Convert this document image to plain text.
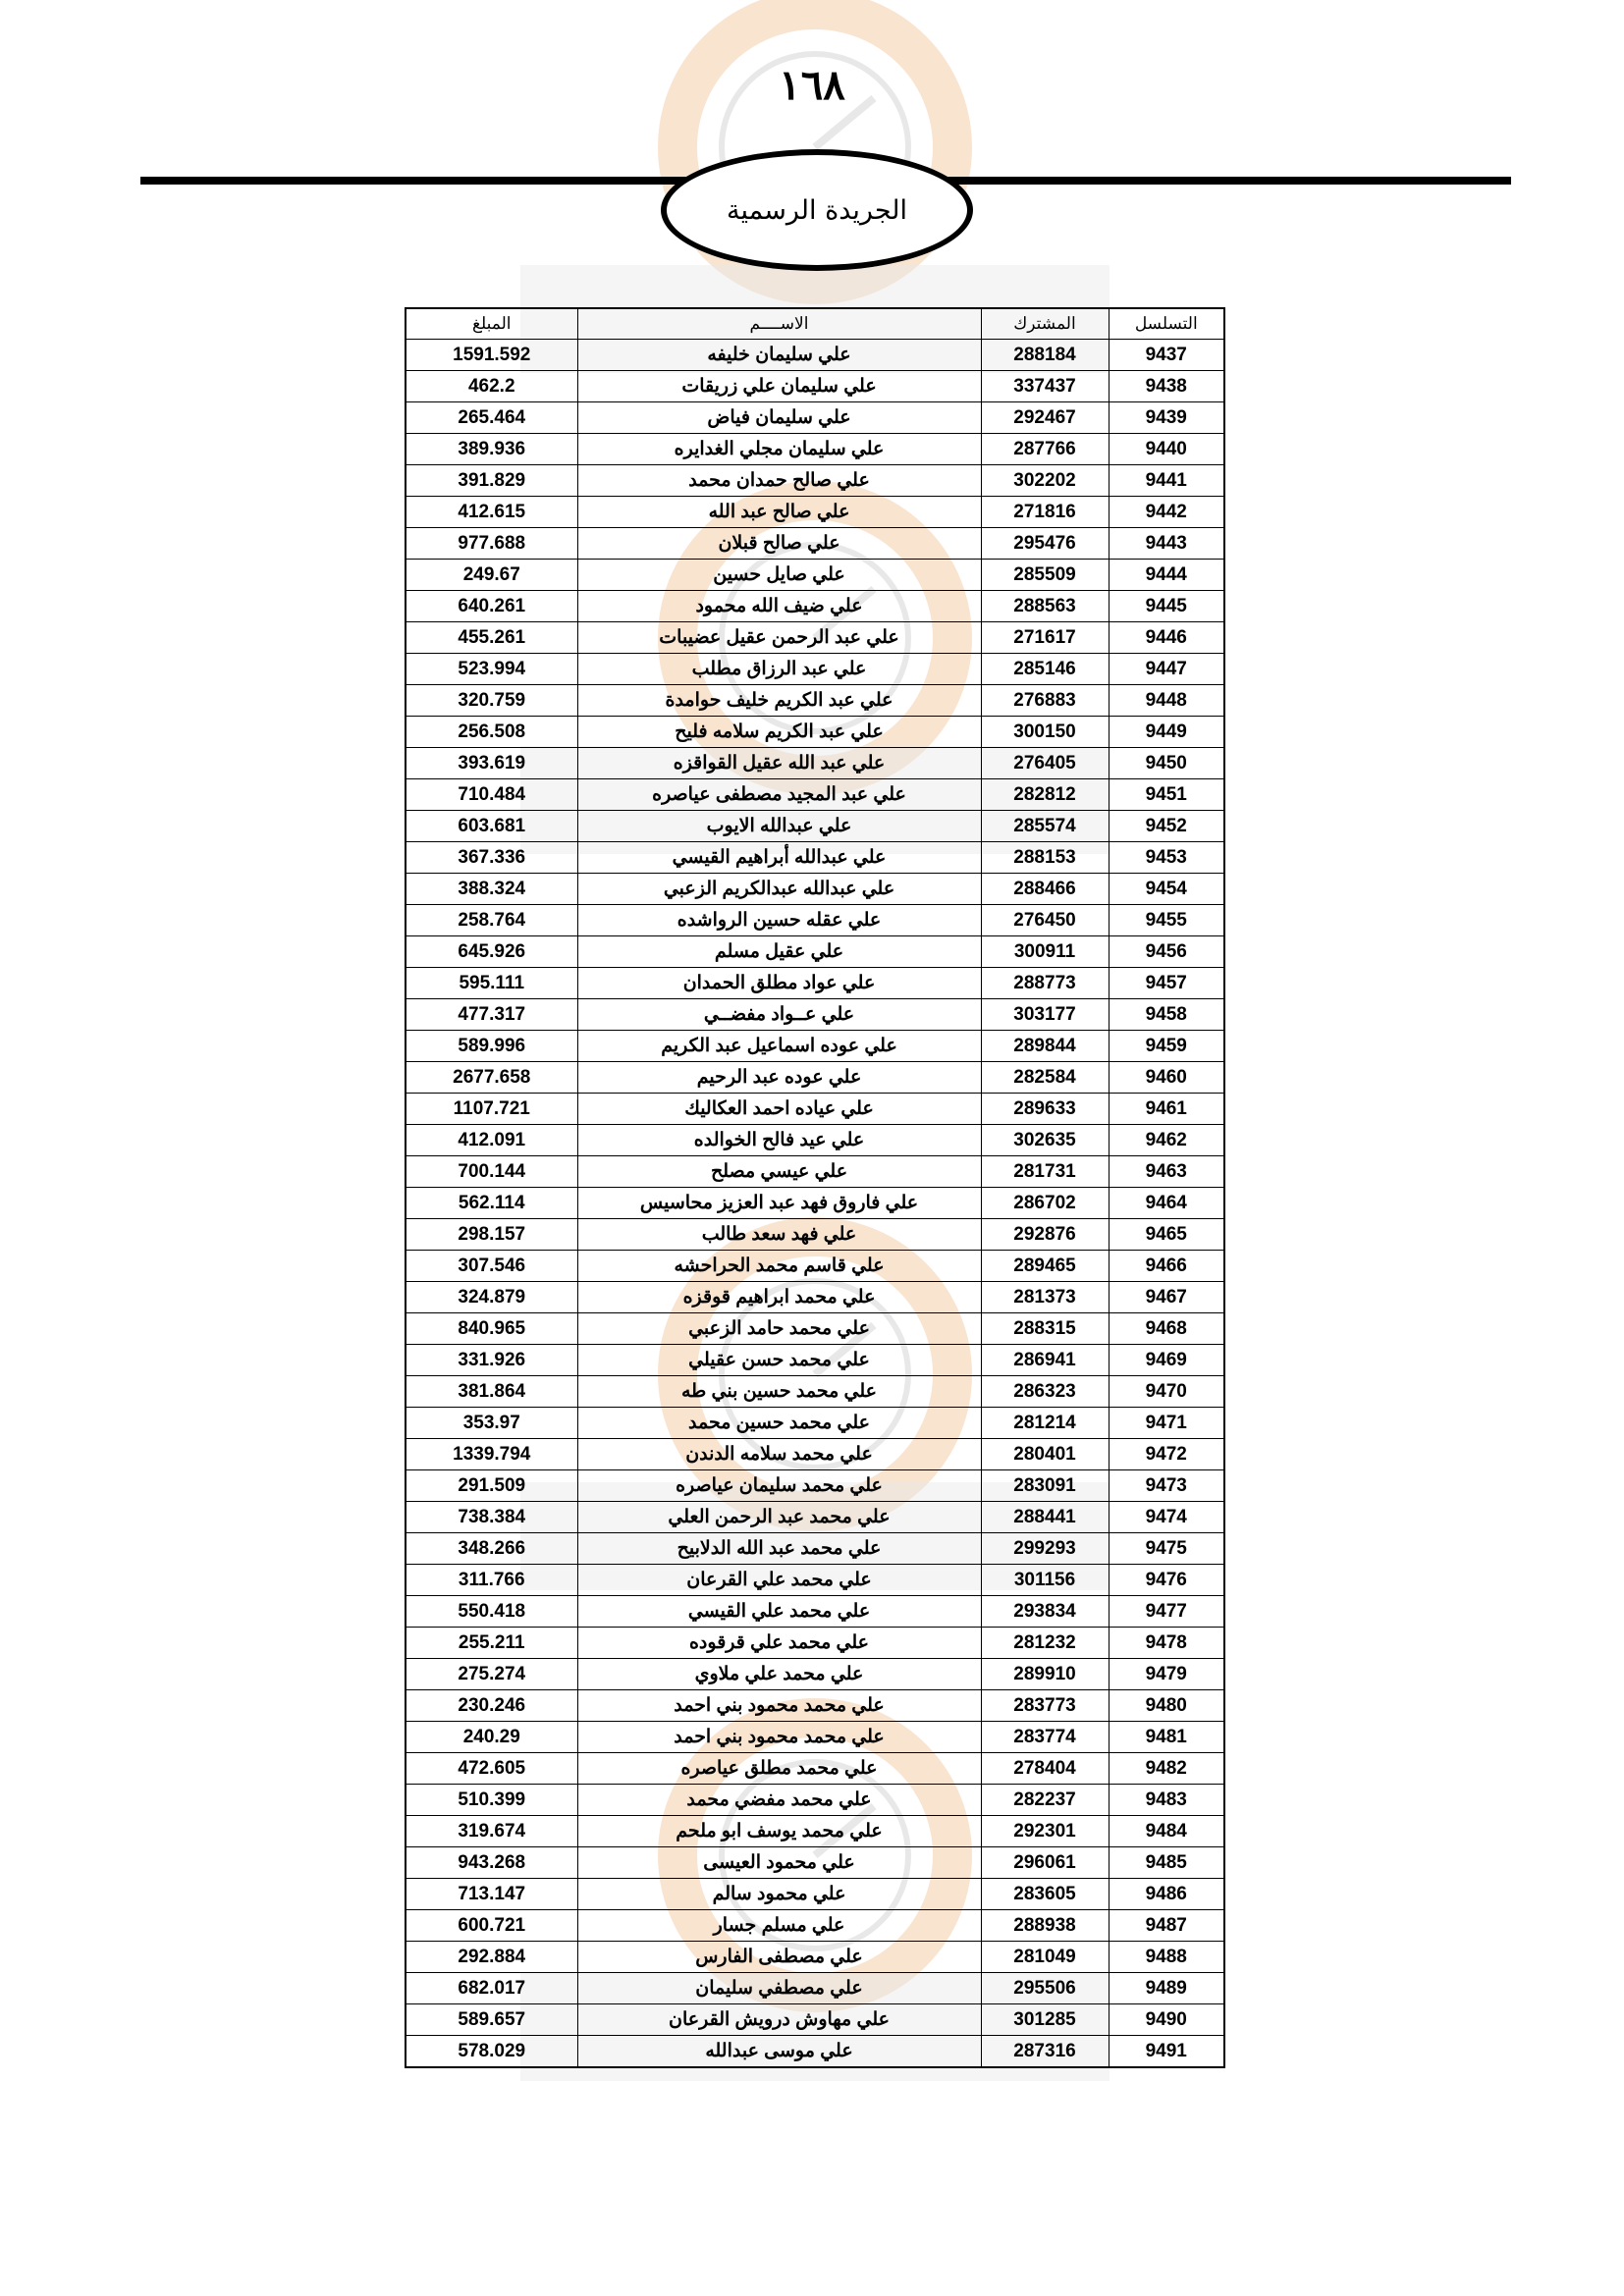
١٦٨
الجريدة الرسمية
التسلسل	المشترك	الاســــم	المبلغ
9437	288184	علي سليمان خليفه	1591.592
9438	337437	علي سليمان علي زريقات	462.2
9439	292467	علي سليمان فياض	265.464
9440	287766	علي سليمان مجلي الغدايره	389.936
9441	302202	علي صالح حمدان محمد	391.829
9442	271816	علي صالح عبد الله	412.615
9443	295476	علي صالح قبلان	977.688
9444	285509	علي صايل حسين	249.67
9445	288563	علي ضيف الله محمود	640.261
9446	271617	علي عبد الرحمن عقيل عضيبات	455.261
9447	285146	علي عبد الرزاق مطلب	523.994
9448	276883	علي عبد الكريم خليف حوامدة	320.759
9449	300150	علي عبد الكريم سلامه فليح	256.508
9450	276405	علي عبد الله عقيل القواقزه	393.619
9451	282812	علي عبد المجيد مصطفى عياصره	710.484
9452	285574	علي عبدالله الايوب	603.681
9453	288153	علي عبدالله أبراهيم القيسي	367.336
9454	288466	علي عبدالله عبدالكريم الزعبي	388.324
9455	276450	علي عقله حسين الرواشده	258.764
9456	300911	علي عقيل مسلم	645.926
9457	288773	علي عواد مطلق الحمدان	595.111
9458	303177	علي عــواد مفضــي	477.317
9459	289844	علي عوده اسماعيل عبد الكريم	589.996
9460	282584	علي عوده عبد الرحيم	2677.658
9461	289633	علي عياده احمد العكاليك	1107.721
9462	302635	علي عيد فالح الخوالده	412.091
9463	281731	علي عيسي مصلح	700.144
9464	286702	علي فاروق فهد عبد العزيز محاسيس	562.114
9465	292876	علي فهد سعد طالب	298.157
9466	289465	علي قاسم محمد الحراحشه	307.546
9467	281373	علي محمد ابراهيم قوقزه	324.879
9468	288315	علي محمد حامد الزعبي	840.965
9469	286941	علي محمد حسن عقيلي	331.926
9470	286323	علي محمد حسين بني طه	381.864
9471	281214	علي محمد حسين محمد	353.97
9472	280401	علي محمد سلامه الدندن	1339.794
9473	283091	علي محمد سليمان عياصره	291.509
9474	288441	علي محمد عبد الرحمن العلي	738.384
9475	299293	علي محمد عبد الله الدلابيح	348.266
9476	301156	علي محمد علي القرعان	311.766
9477	293834	علي محمد علي القيسي	550.418
9478	281232	علي محمد علي قرقوده	255.211
9479	289910	علي محمد علي ملاوي	275.274
9480	283773	علي محمد محمود بني احمد	230.246
9481	283774	علي محمد محمود بني احمد	240.29
9482	278404	علي محمد مطلق عياصره	472.605
9483	282237	علي محمد مفضي محمد	510.399
9484	292301	علي محمد يوسف ابو ملحم	319.674
9485	296061	علي محمود العيسى	943.268
9486	283605	علي محمود سالم	713.147
9487	288938	علي مسلم جسار	600.721
9488	281049	علي مصطفى الفارس	292.884
9489	295506	علي مصطفي سليمان	682.017
9490	301285	علي مهاوش درويش القرعان	589.657
9491	287316	علي موسى عبدالله	578.029
